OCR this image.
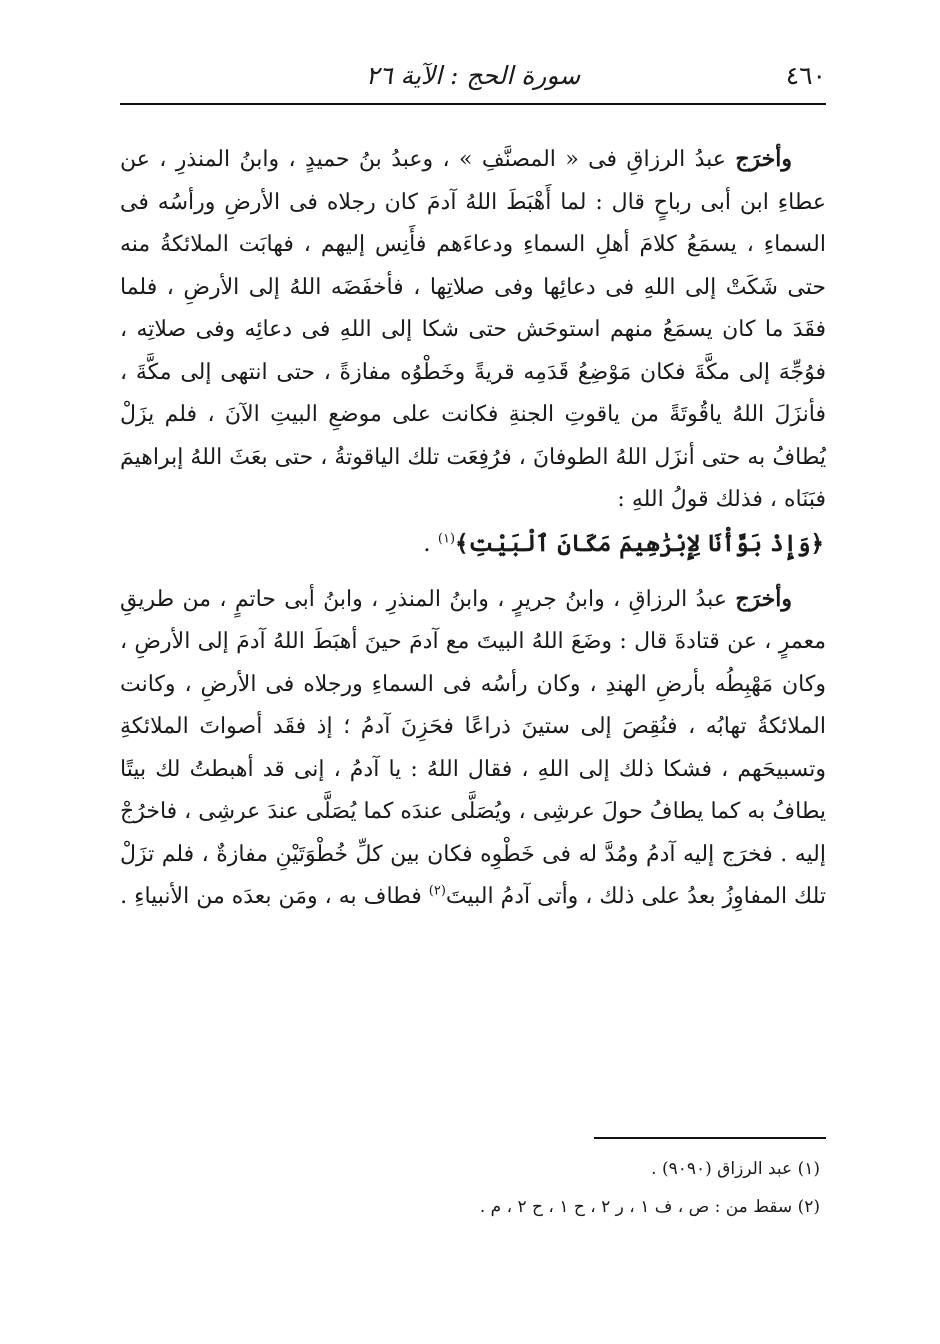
٤٦٠
سورة الحج : الآية ٢٦

وأخرَج عبدُ الرزاقِ فى « المصنَّفِ » ، وعبدُ بنُ حميدٍ ، وابنُ المنذرِ ، عن عطاءِ ابن أبى رباحٍ قال : لما أَهْبَطَ اللهُ آدمَ كان رجلاه فى الأرضِ ورأسُه فى السماءِ ، يسمَعُ كلامَ أهلِ السماءِ ودعاءَهم فأَنِس إليهم ، فهابَت الملائكةُ منه حتى شَكَتْ إلى اللهِ فى دعائِها وفى صلاتِها ، فأخفَضَه اللهُ إلى الأرضِ ، فلما فقَدَ ما كان يسمَعُ منهم استوحَش حتى شكا إلى اللهِ فى دعائِه وفى صلاتِه ، فوُجِّهَ إلى مكَّةَ فكان مَوْضِعُ قَدَمِه قريةً وخَطْوُه مفازةً ، حتى انتهى إلى مكَّةَ ، فأنزَلَ اللهُ ياقُوتَةً من ياقوتِ الجنةِ فكانت على موضعِ البيتِ الآنَ ، فلم يزَلْ يُطافُ به حتى أنزَل اللهُ الطوفانَ ، فرُفِعَت تلك الياقوتةُ ، حتى بعَثَ اللهُ إبراهيمَ فبَنَاه ، فذلك قولُ اللهِ :
﴿وَإِذْ بَوَّأْنَا لِإِبْرَٰهِيمَ مَكَانَ ٱلْبَيْتِ﴾$^{(١)}$ .

وأخرَج عبدُ الرزاقِ ، وابنُ جريرٍ ، وابنُ المنذرِ ، وابنُ أبى حاتمٍ ، من طريقِ معمرٍ ، عن قتادةَ قال : وضَعَ اللهُ البيتَ مع آدمَ حينَ أهبَطَ اللهُ آدمَ إلى الأرضِ ، وكان مَهْبِطُه بأرضِ الهندِ ، وكان رأسُه فى السماءِ ورجلاه فى الأرضِ ، وكانت الملائكةُ تهابُه ، فنُقِصَ إلى ستينَ ذراعًا فحَزِنَ آدمُ ؛ إذ فقَد أصواتَ الملائكةِ وتسبيحَهم ، فشكا ذلك إلى اللهِ ، فقال اللهُ : يا آدمُ ، إنى قد أهبطتُ لك بيتًا يطافُ به كما يطافُ حولَ عرشِى ، ويُصَلَّى عندَه كما يُصَلَّى عندَ عرشِى ، فاخرُجْ إليه . فخرَج إليه آدمُ ومُدَّ له فى خَطْوِه فكان بين كلِّ خُطْوَتَيْنِ مفازةٌ ، فلم تزَلْ تلك المفاوِزُ بعدُ على ذلك ، وأتى آدمُ البيتَ$^{(٢)}$ فطاف به ، ومَن بعدَه من الأنبياءِ .

(١) عبد الرزاق (٩٠٩٠) .

(٢) سقط من : ص ، ف ١ ، ر ٢ ، ح ١ ، ح ٢ ، م .
